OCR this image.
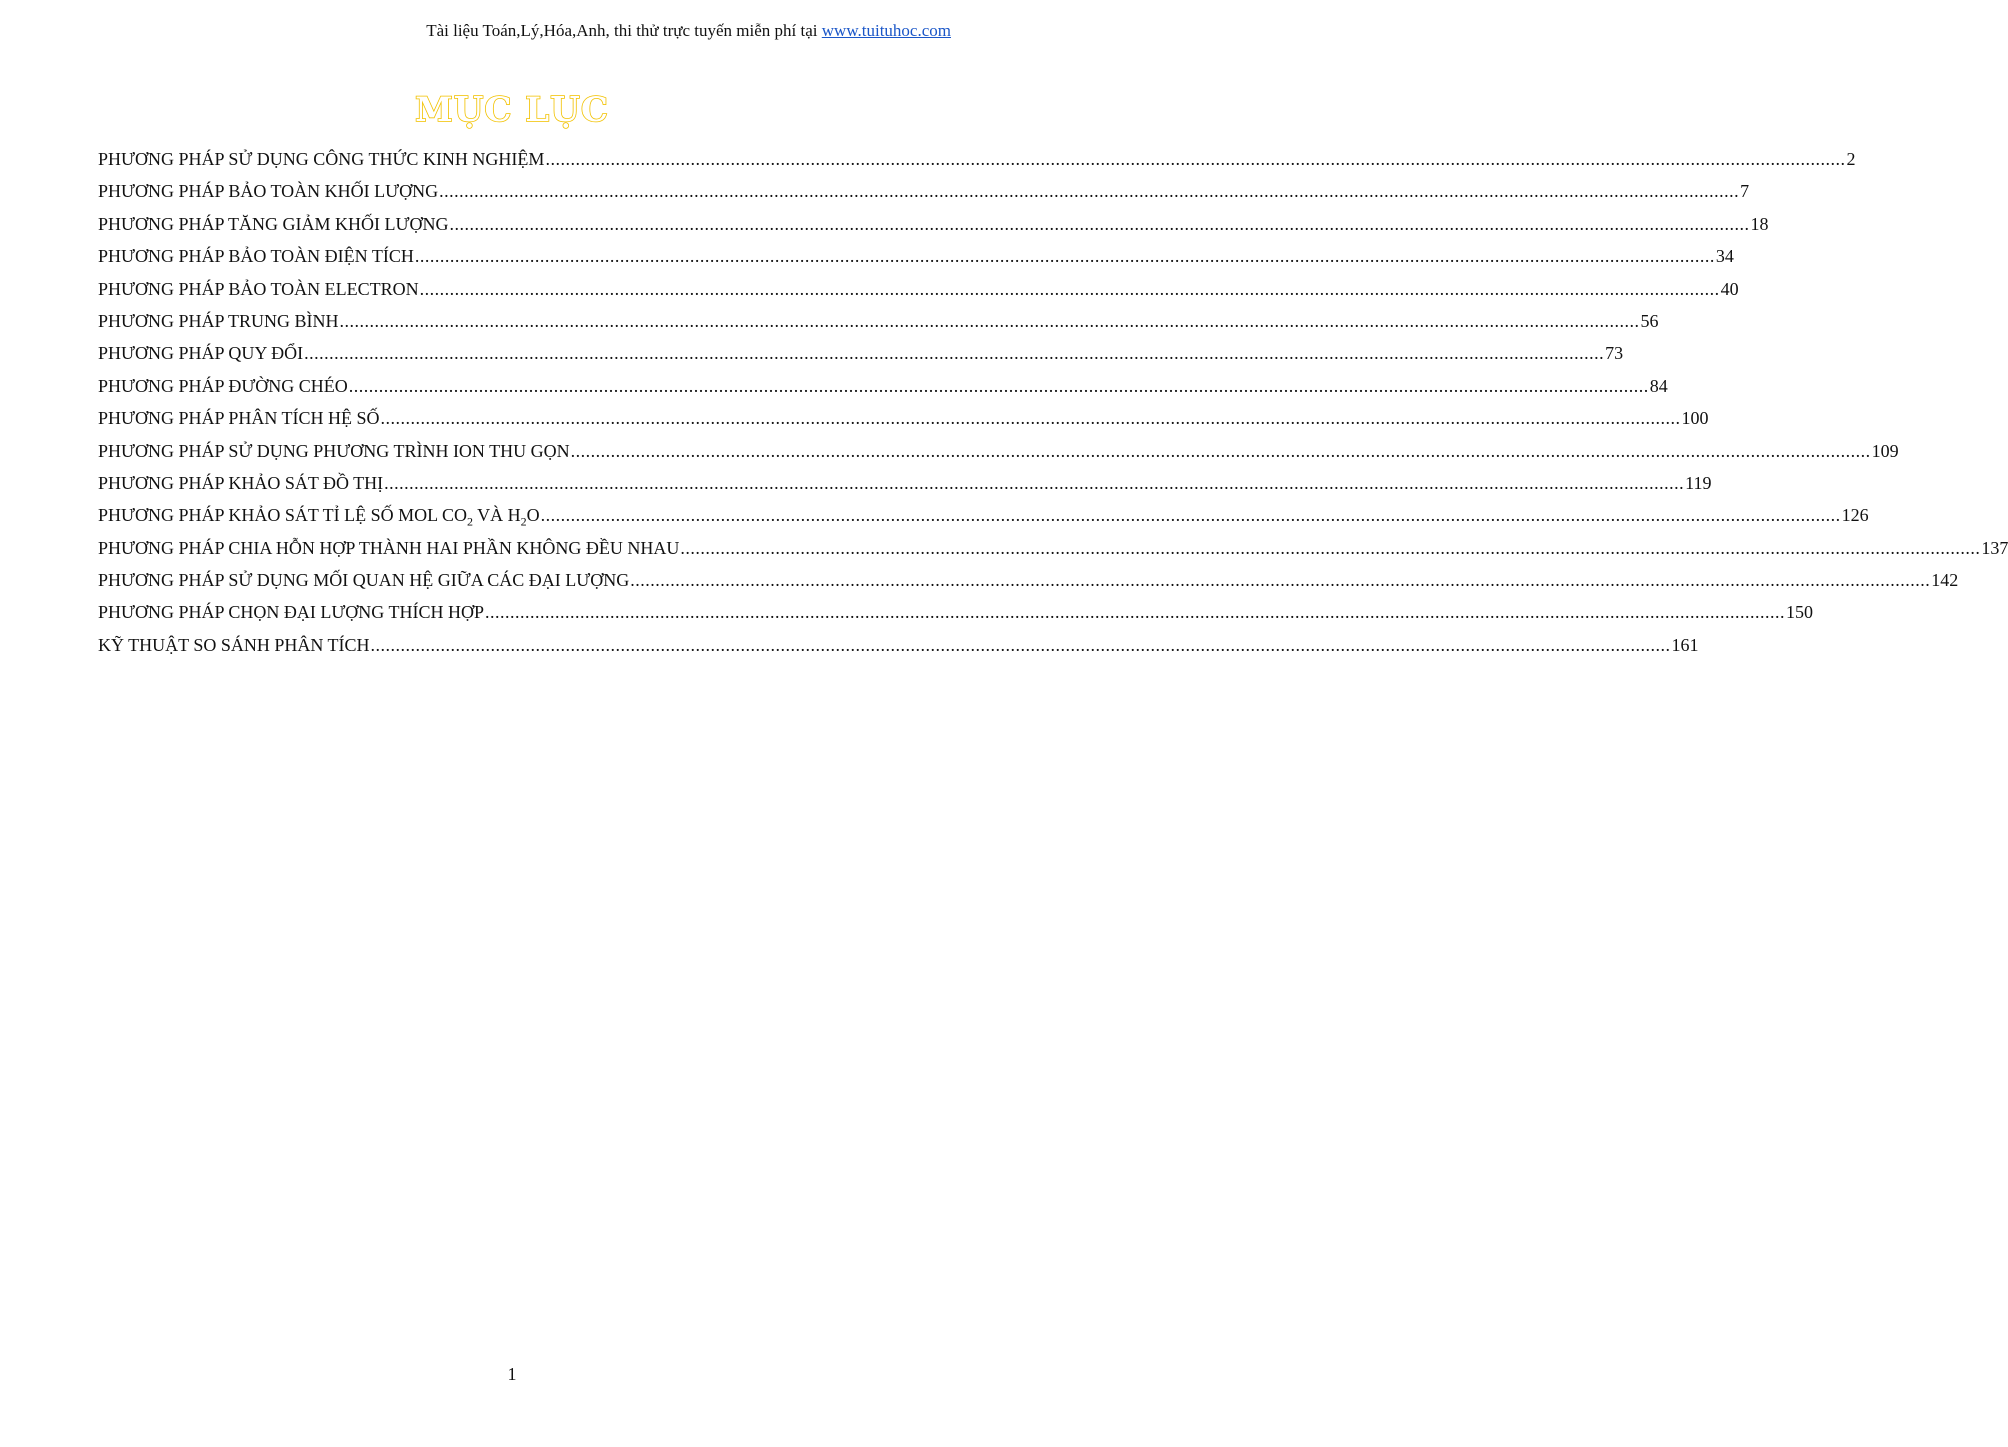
Tài liệu Toán,Lý,Hóa,Anh, thi thử trực tuyến miễn phí tại www.tuituhoc.com
MỤC LỤC
PHƯƠNG PHÁP SỬ DỤNG CÔNG THỨC KINH NGHIỆM .................................................................................................................................................................................................................................................................... 2
PHƯƠNG PHÁP BẢO TOÀN KHỐI LƯỢNG .................................................................................................................................................................................................................................................................... 7
PHƯƠNG PHÁP TĂNG GIẢM KHỐI LƯỢNG .................................................................................................................................................................................................................................................................... 18
PHƯƠNG PHÁP BẢO TOÀN ĐIỆN TÍCH .................................................................................................................................................................................................................................................................... 34
PHƯƠNG PHÁP BẢO TOÀN ELECTRON .................................................................................................................................................................................................................................................................... 40
PHƯƠNG PHÁP TRUNG BÌNH .................................................................................................................................................................................................................................................................... 56
PHƯƠNG PHÁP QUY ĐỔI .................................................................................................................................................................................................................................................................... 73
PHƯƠNG PHÁP ĐƯỜNG CHÉO .................................................................................................................................................................................................................................................................... 84
PHƯƠNG PHÁP PHÂN TÍCH HỆ SỐ .................................................................................................................................................................................................................................................................... 100
PHƯƠNG PHÁP SỬ DỤNG PHƯƠNG TRÌNH ION THU GỌN .................................................................................................................................................................................................................................................................... 109
PHƯƠNG PHÁP KHẢO SÁT ĐỒ THỊ .................................................................................................................................................................................................................................................................... 119
PHƯƠNG PHÁP KHẢO SÁT TỈ LỆ SỐ MOL $CO_2$ VÀ $H_2O$ .................................................................................................................................................................................................................................................................... 126
PHƯƠNG PHÁP CHIA HỖN HỢP THÀNH HAI PHẦN KHÔNG ĐỀU NHAU .................................................................................................................................................................................................................................................................... 137
PHƯƠNG PHÁP SỬ DỤNG MỐI QUAN HỆ GIỮA CÁC ĐẠI LƯỢNG .................................................................................................................................................................................................................................................................... 142
PHƯƠNG PHÁP CHỌN ĐẠI LƯỢNG THÍCH HỢP .................................................................................................................................................................................................................................................................... 150
KỸ THUẬT SO SÁNH PHÂN TÍCH .................................................................................................................................................................................................................................................................... 161
1
